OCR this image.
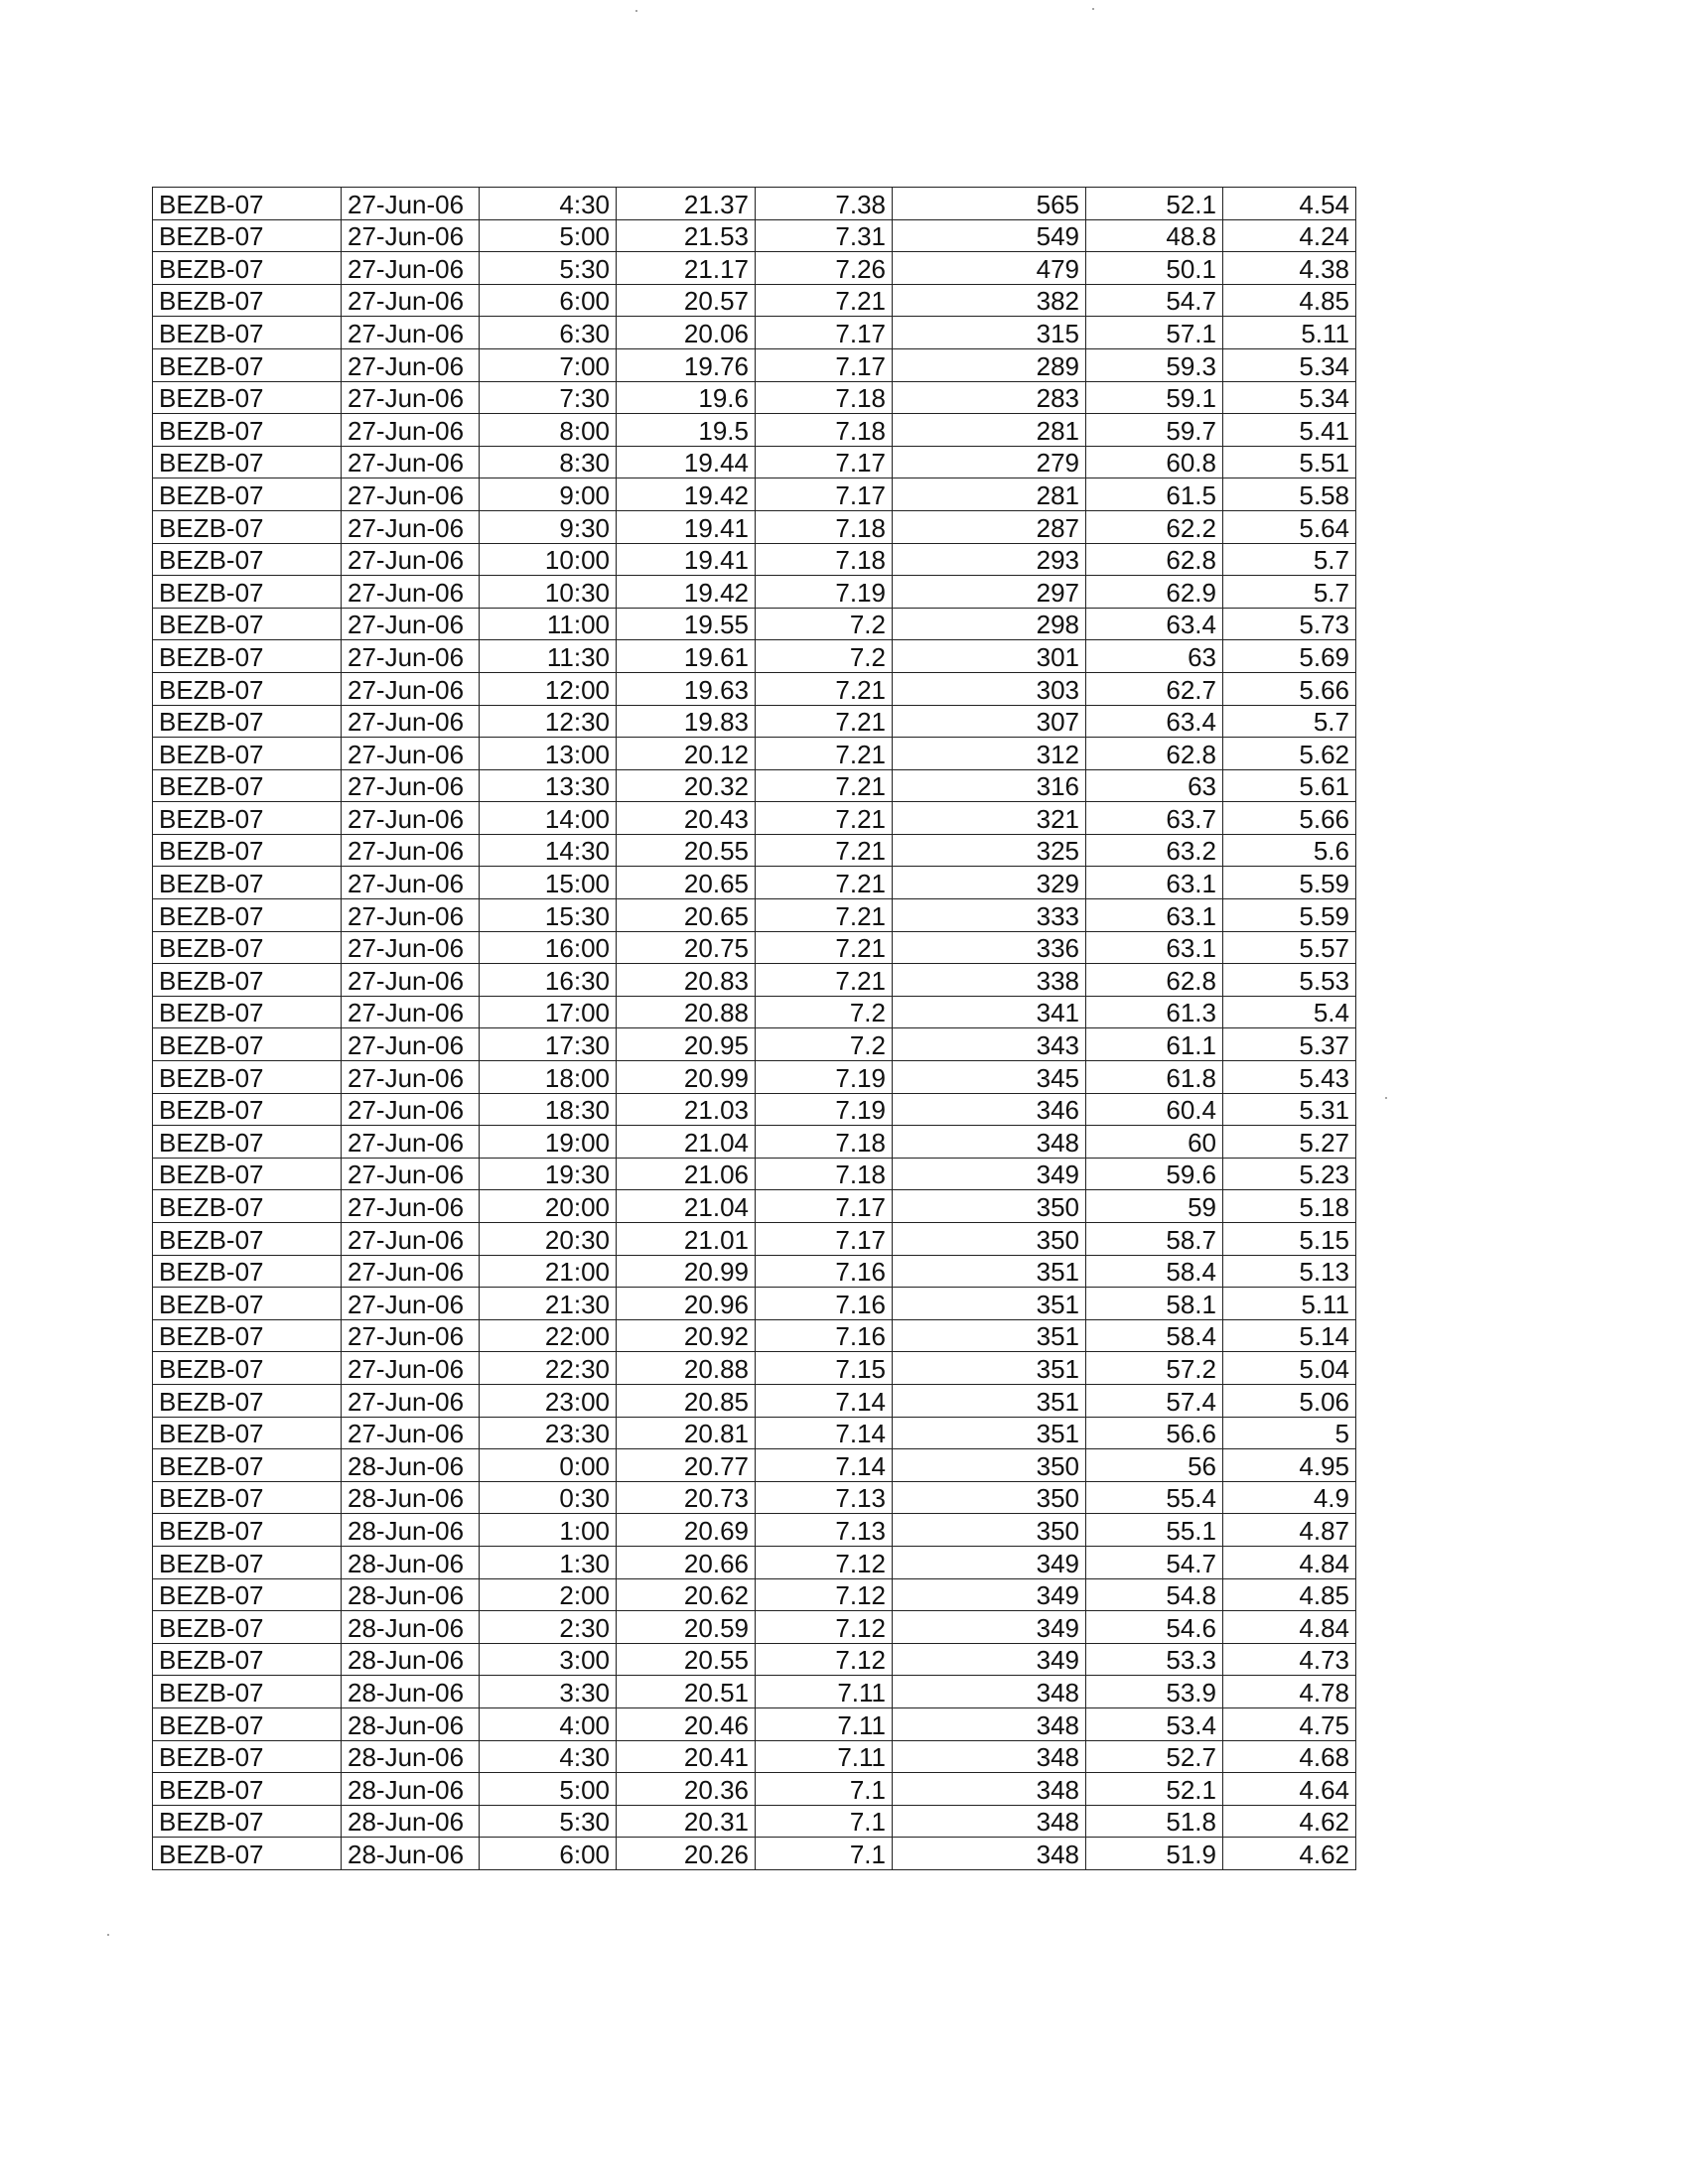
BEZB-07	27-Jun-06	4:30	21.37	7.38	565	52.1	4.54
BEZB-07	27-Jun-06	5:00	21.53	7.31	549	48.8	4.24
BEZB-07	27-Jun-06	5:30	21.17	7.26	479	50.1	4.38
BEZB-07	27-Jun-06	6:00	20.57	7.21	382	54.7	4.85
BEZB-07	27-Jun-06	6:30	20.06	7.17	315	57.1	5.11
BEZB-07	27-Jun-06	7:00	19.76	7.17	289	59.3	5.34
BEZB-07	27-Jun-06	7:30	19.6	7.18	283	59.1	5.34
BEZB-07	27-Jun-06	8:00	19.5	7.18	281	59.7	5.41
BEZB-07	27-Jun-06	8:30	19.44	7.17	279	60.8	5.51
BEZB-07	27-Jun-06	9:00	19.42	7.17	281	61.5	5.58
BEZB-07	27-Jun-06	9:30	19.41	7.18	287	62.2	5.64
BEZB-07	27-Jun-06	10:00	19.41	7.18	293	62.8	5.7
BEZB-07	27-Jun-06	10:30	19.42	7.19	297	62.9	5.7
BEZB-07	27-Jun-06	11:00	19.55	7.2	298	63.4	5.73
BEZB-07	27-Jun-06	11:30	19.61	7.2	301	63	5.69
BEZB-07	27-Jun-06	12:00	19.63	7.21	303	62.7	5.66
BEZB-07	27-Jun-06	12:30	19.83	7.21	307	63.4	5.7
BEZB-07	27-Jun-06	13:00	20.12	7.21	312	62.8	5.62
BEZB-07	27-Jun-06	13:30	20.32	7.21	316	63	5.61
BEZB-07	27-Jun-06	14:00	20.43	7.21	321	63.7	5.66
BEZB-07	27-Jun-06	14:30	20.55	7.21	325	63.2	5.6
BEZB-07	27-Jun-06	15:00	20.65	7.21	329	63.1	5.59
BEZB-07	27-Jun-06	15:30	20.65	7.21	333	63.1	5.59
BEZB-07	27-Jun-06	16:00	20.75	7.21	336	63.1	5.57
BEZB-07	27-Jun-06	16:30	20.83	7.21	338	62.8	5.53
BEZB-07	27-Jun-06	17:00	20.88	7.2	341	61.3	5.4
BEZB-07	27-Jun-06	17:30	20.95	7.2	343	61.1	5.37
BEZB-07	27-Jun-06	18:00	20.99	7.19	345	61.8	5.43
BEZB-07	27-Jun-06	18:30	21.03	7.19	346	60.4	5.31
BEZB-07	27-Jun-06	19:00	21.04	7.18	348	60	5.27
BEZB-07	27-Jun-06	19:30	21.06	7.18	349	59.6	5.23
BEZB-07	27-Jun-06	20:00	21.04	7.17	350	59	5.18
BEZB-07	27-Jun-06	20:30	21.01	7.17	350	58.7	5.15
BEZB-07	27-Jun-06	21:00	20.99	7.16	351	58.4	5.13
BEZB-07	27-Jun-06	21:30	20.96	7.16	351	58.1	5.11
BEZB-07	27-Jun-06	22:00	20.92	7.16	351	58.4	5.14
BEZB-07	27-Jun-06	22:30	20.88	7.15	351	57.2	5.04
BEZB-07	27-Jun-06	23:00	20.85	7.14	351	57.4	5.06
BEZB-07	27-Jun-06	23:30	20.81	7.14	351	56.6	5
BEZB-07	28-Jun-06	0:00	20.77	7.14	350	56	4.95
BEZB-07	28-Jun-06	0:30	20.73	7.13	350	55.4	4.9
BEZB-07	28-Jun-06	1:00	20.69	7.13	350	55.1	4.87
BEZB-07	28-Jun-06	1:30	20.66	7.12	349	54.7	4.84
BEZB-07	28-Jun-06	2:00	20.62	7.12	349	54.8	4.85
BEZB-07	28-Jun-06	2:30	20.59	7.12	349	54.6	4.84
BEZB-07	28-Jun-06	3:00	20.55	7.12	349	53.3	4.73
BEZB-07	28-Jun-06	3:30	20.51	7.11	348	53.9	4.78
BEZB-07	28-Jun-06	4:00	20.46	7.11	348	53.4	4.75
BEZB-07	28-Jun-06	4:30	20.41	7.11	348	52.7	4.68
BEZB-07	28-Jun-06	5:00	20.36	7.1	348	52.1	4.64
BEZB-07	28-Jun-06	5:30	20.31	7.1	348	51.8	4.62
BEZB-07	28-Jun-06	6:00	20.26	7.1	348	51.9	4.62
